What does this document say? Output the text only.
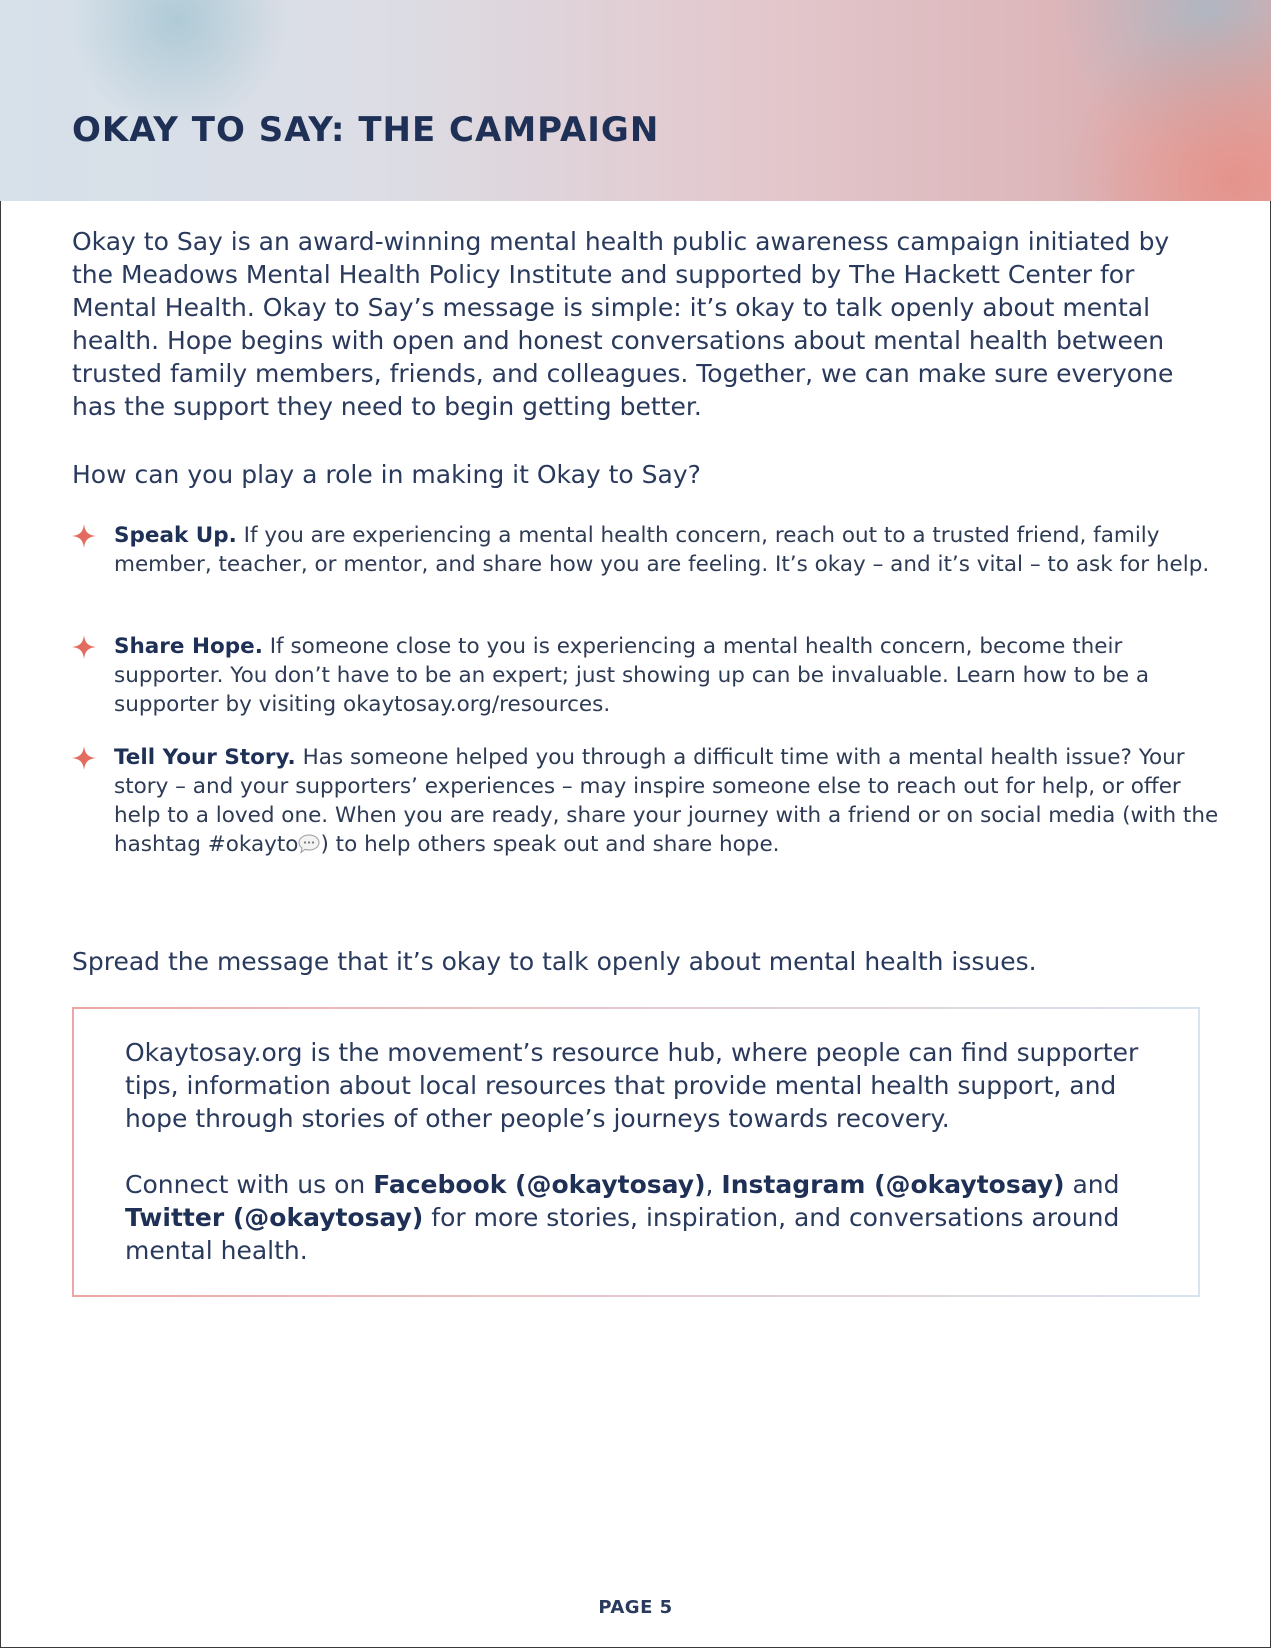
OKAY TO SAY: THE CAMPAIGN

Okay to Say is an award-winning mental health public awareness campaign initiated by the Meadows Mental Health Policy Institute and supported by The Hackett Center for Mental Health. Okay to Say’s message is simple: it’s okay to talk openly about mental health. Hope begins with open and honest conversations about mental health between trusted family members, friends, and colleagues. Together, we can make sure everyone has the support they need to begin getting better.

How can you play a role in making it Okay to Say?

Speak Up. If you are experiencing a mental health concern, reach out to a trusted friend, family member, teacher, or mentor, and share how you are feeling. It’s okay – and it’s vital – to ask for help.

Share Hope. If someone close to you is experiencing a mental health concern, become their supporter. You don’t have to be an expert; just showing up can be invaluable. Learn how to be a supporter by visiting okaytosay.org/resources.

Tell Your Story. Has someone helped you through a difficult time with a mental health issue? Your story – and your supporters’ experiences – may inspire someone else to reach out for help, or offer help to a loved one. When you are ready, share your journey with a friend or on social media (with the hashtag #okayto ) to help others speak out and share hope.

Spread the message that it’s okay to talk openly about mental health issues.

Okaytosay.org is the movement’s resource hub, where people can find supporter tips, information about local resources that provide mental health support, and hope through stories of other people’s journeys towards recovery.

Connect with us on Facebook (@okaytosay), Instagram (@okaytosay) and Twitter (@okaytosay) for more stories, inspiration, and conversations around mental health.

PAGE 5
